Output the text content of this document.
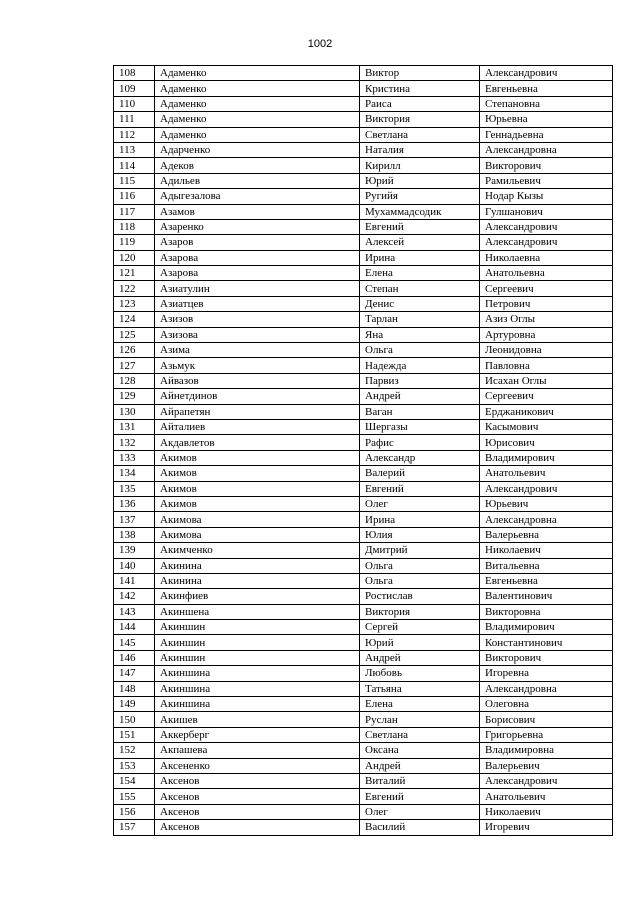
1002
108	Адаменко	Виктор	Александрович
109	Адаменко	Кристина	Евгеньевна
110	Адаменко	Раиса	Степановна
111	Адаменко	Виктория	Юрьевна
112	Адаменко	Светлана	Геннадьевна
113	Адарченко	Наталия	Александровна
114	Адеков	Кирилл	Викторович
115	Адильев	Юрий	Рамильевич
116	Адыгезалова	Ругийя	Нодар Кызы
117	Азамов	Мухаммадсодик	Гулшанович
118	Азаренко	Евгений	Александрович
119	Азаров	Алексей	Александрович
120	Азарова	Ирина	Николаевна
121	Азарова	Елена	Анатольевна
122	Азиатулин	Степан	Сергеевич
123	Азиатцев	Денис	Петрович
124	Азизов	Тарлан	Азиз Оглы
125	Азизова	Яна	Артуровна
126	Азима	Ольга	Леонидовна
127	Азьмук	Надежда	Павловна
128	Айвазов	Парвиз	Исахан Оглы
129	Айнетдинов	Андрей	Сергеевич
130	Айрапетян	Ваган	Ерджаникович
131	Айталиев	Шергазы	Касымович
132	Акдавлетов	Рафис	Юрисович
133	Акимов	Александр	Владимирович
134	Акимов	Валерий	Анатольевич
135	Акимов	Евгений	Александрович
136	Акимов	Олег	Юрьевич
137	Акимова	Ирина	Александровна
138	Акимова	Юлия	Валерьевна
139	Акимченко	Дмитрий	Николаевич
140	Акинина	Ольга	Витальевна
141	Акинина	Ольга	Евгеньевна
142	Акинфиев	Ростислав	Валентинович
143	Акиншена	Виктория	Викторовна
144	Акиншин	Сергей	Владимирович
145	Акиншин	Юрий	Константинович
146	Акиншин	Андрей	Викторович
147	Акиншина	Любовь	Игоревна
148	Акиншина	Татьяна	Александровна
149	Акиншина	Елена	Олеговна
150	Акишев	Руслан	Борисович
151	Аккерберг	Светлана	Григорьевна
152	Акпашева	Оксана	Владимировна
153	Аксененко	Андрей	Валерьевич
154	Аксенов	Виталий	Александрович
155	Аксенов	Евгений	Анатольевич
156	Аксенов	Олег	Николаевич
157	Аксенов	Василий	Игоревич
